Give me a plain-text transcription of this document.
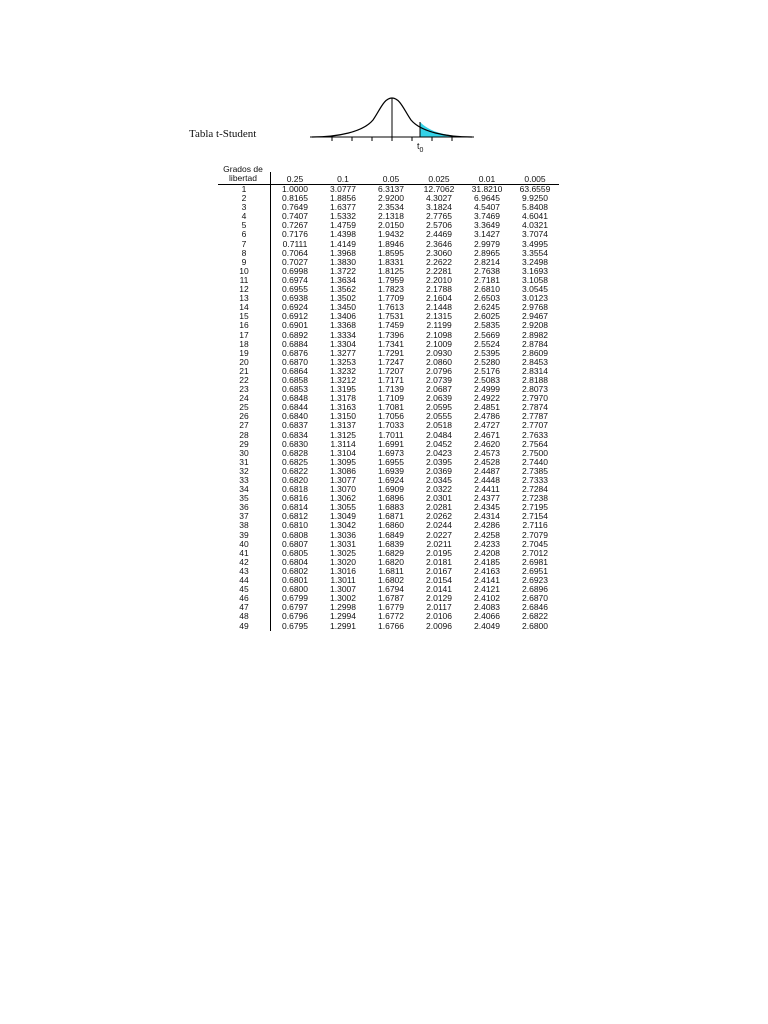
Tabla t-Student
$t_0$
Grados de
libertad
		0.25	0.1	0.05	0.025	0.01	0.005
1	1.0000	3.0777	6.3137	12.7062	31.8210	63.6559
2	0.8165	1.8856	2.9200	4.3027	6.9645	9.9250
3	0.7649	1.6377	2.3534	3.1824	4.5407	5.8408
4	0.7407	1.5332	2.1318	2.7765	3.7469	4.6041
5	0.7267	1.4759	2.0150	2.5706	3.3649	4.0321
6	0.7176	1.4398	1.9432	2.4469	3.1427	3.7074
7	0.7111	1.4149	1.8946	2.3646	2.9979	3.4995
8	0.7064	1.3968	1.8595	2.3060	2.8965	3.3554
9	0.7027	1.3830	1.8331	2.2622	2.8214	3.2498
10	0.6998	1.3722	1.8125	2.2281	2.7638	3.1693
11	0.6974	1.3634	1.7959	2.2010	2.7181	3.1058
12	0.6955	1.3562	1.7823	2.1788	2.6810	3.0545
13	0.6938	1.3502	1.7709	2.1604	2.6503	3.0123
14	0.6924	1.3450	1.7613	2.1448	2.6245	2.9768
15	0.6912	1.3406	1.7531	2.1315	2.6025	2.9467
16	0.6901	1.3368	1.7459	2.1199	2.5835	2.9208
17	0.6892	1.3334	1.7396	2.1098	2.5669	2.8982
18	0.6884	1.3304	1.7341	2.1009	2.5524	2.8784
19	0.6876	1.3277	1.7291	2.0930	2.5395	2.8609
20	0.6870	1.3253	1.7247	2.0860	2.5280	2.8453
21	0.6864	1.3232	1.7207	2.0796	2.5176	2.8314
22	0.6858	1.3212	1.7171	2.0739	2.5083	2.8188
23	0.6853	1.3195	1.7139	2.0687	2.4999	2.8073
24	0.6848	1.3178	1.7109	2.0639	2.4922	2.7970
25	0.6844	1.3163	1.7081	2.0595	2.4851	2.7874
26	0.6840	1.3150	1.7056	2.0555	2.4786	2.7787
27	0.6837	1.3137	1.7033	2.0518	2.4727	2.7707
28	0.6834	1.3125	1.7011	2.0484	2.4671	2.7633
29	0.6830	1.3114	1.6991	2.0452	2.4620	2.7564
30	0.6828	1.3104	1.6973	2.0423	2.4573	2.7500
31	0.6825	1.3095	1.6955	2.0395	2.4528	2.7440
32	0.6822	1.3086	1.6939	2.0369	2.4487	2.7385
33	0.6820	1.3077	1.6924	2.0345	2.4448	2.7333
34	0.6818	1.3070	1.6909	2.0322	2.4411	2.7284
35	0.6816	1.3062	1.6896	2.0301	2.4377	2.7238
36	0.6814	1.3055	1.6883	2.0281	2.4345	2.7195
37	0.6812	1.3049	1.6871	2.0262	2.4314	2.7154
38	0.6810	1.3042	1.6860	2.0244	2.4286	2.7116
39	0.6808	1.3036	1.6849	2.0227	2.4258	2.7079
40	0.6807	1.3031	1.6839	2.0211	2.4233	2.7045
41	0.6805	1.3025	1.6829	2.0195	2.4208	2.7012
42	0.6804	1.3020	1.6820	2.0181	2.4185	2.6981
43	0.6802	1.3016	1.6811	2.0167	2.4163	2.6951
44	0.6801	1.3011	1.6802	2.0154	2.4141	2.6923
45	0.6800	1.3007	1.6794	2.0141	2.4121	2.6896
46	0.6799	1.3002	1.6787	2.0129	2.4102	2.6870
47	0.6797	1.2998	1.6779	2.0117	2.4083	2.6846
48	0.6796	1.2994	1.6772	2.0106	2.4066	2.6822
49	0.6795	1.2991	1.6766	2.0096	2.4049	2.6800
